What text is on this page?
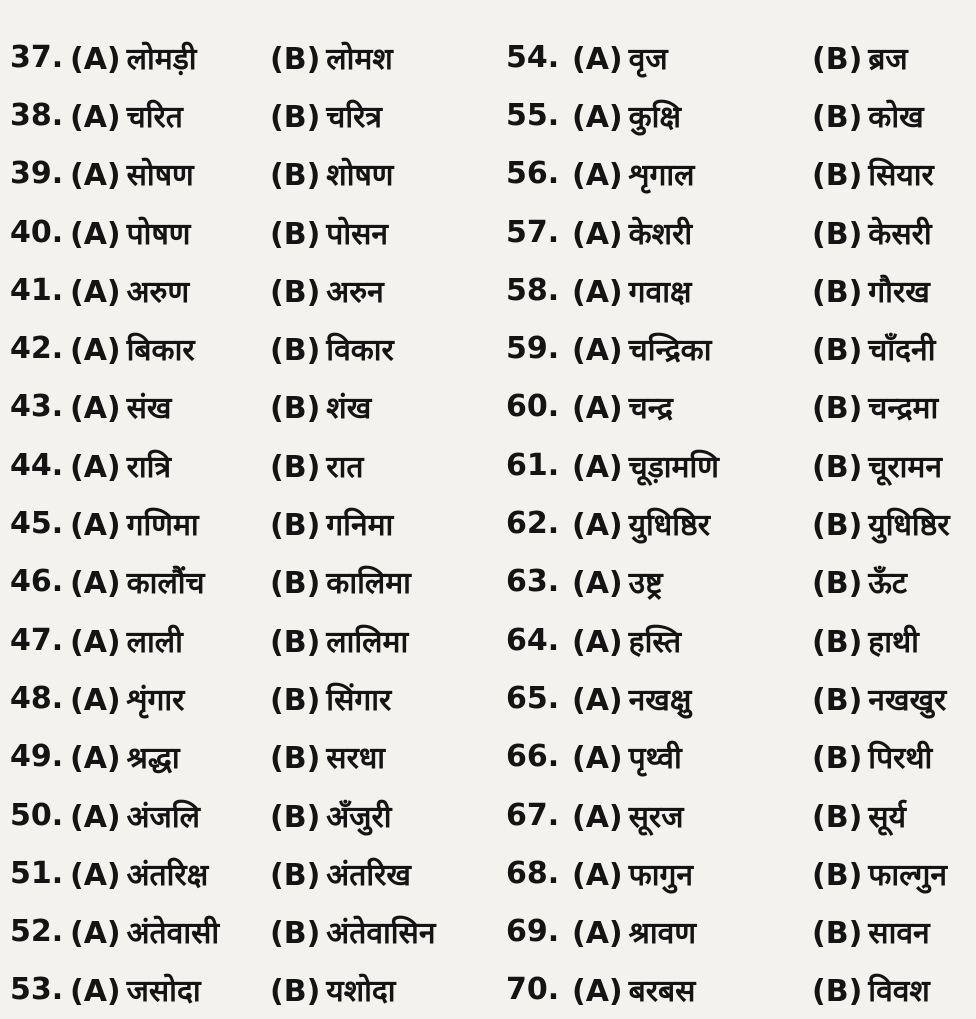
37. (A) लोमड़ी	(B) लोमश
38. (A) चरित	(B) चरित्र
39. (A) सोषण	(B) शोषण
40. (A) पोषण	(B) पोसन
41. (A) अरुण	(B) अरुन
42. (A) बिकार	(B) विकार
43. (A) संख	(B) शंख
44. (A) रात्रि	(B) रात
45. (A) गणिमा	(B) गनिमा
46. (A) कालौंच	(B) कालिमा
47. (A) लाली	(B) लालिमा
48. (A) शृंगार	(B) सिंगार
49. (A) श्रद्धा	(B) सरधा
50. (A) अंजलि	(B) अँजुरी
51. (A) अंतरिक्ष	(B) अंतरिख
52. (A) अंतेवासी	(B) अंतेवासिन
53. (A) जसोदा	(B) यशोदा
54. (A) वृज	(B) ब्रज
55. (A) कुक्षि	(B) कोख
56. (A) शृगाल	(B) सियार
57. (A) केशरी	(B) केसरी
58. (A) गवाक्ष	(B) गौरख
59. (A) चन्द्रिका	(B) चाँदनी
60. (A) चन्द्र	(B) चन्द्रमा
61. (A) चूड़ामणि	(B) चूरामन
62. (A) युधिष्ठिर	(B) युधिष्ठिर
63. (A) उष्ट्र	(B) ऊँट
64. (A) हस्ति	(B) हाथी
65. (A) नखक्षु	(B) नखखुर
66. (A) पृथ्वी	(B) पिरथी
67. (A) सूरज	(B) सूर्य
68. (A) फागुन	(B) फाल्गुन
69. (A) श्रावण	(B) सावन
70. (A) बरबस	(B) विवश
